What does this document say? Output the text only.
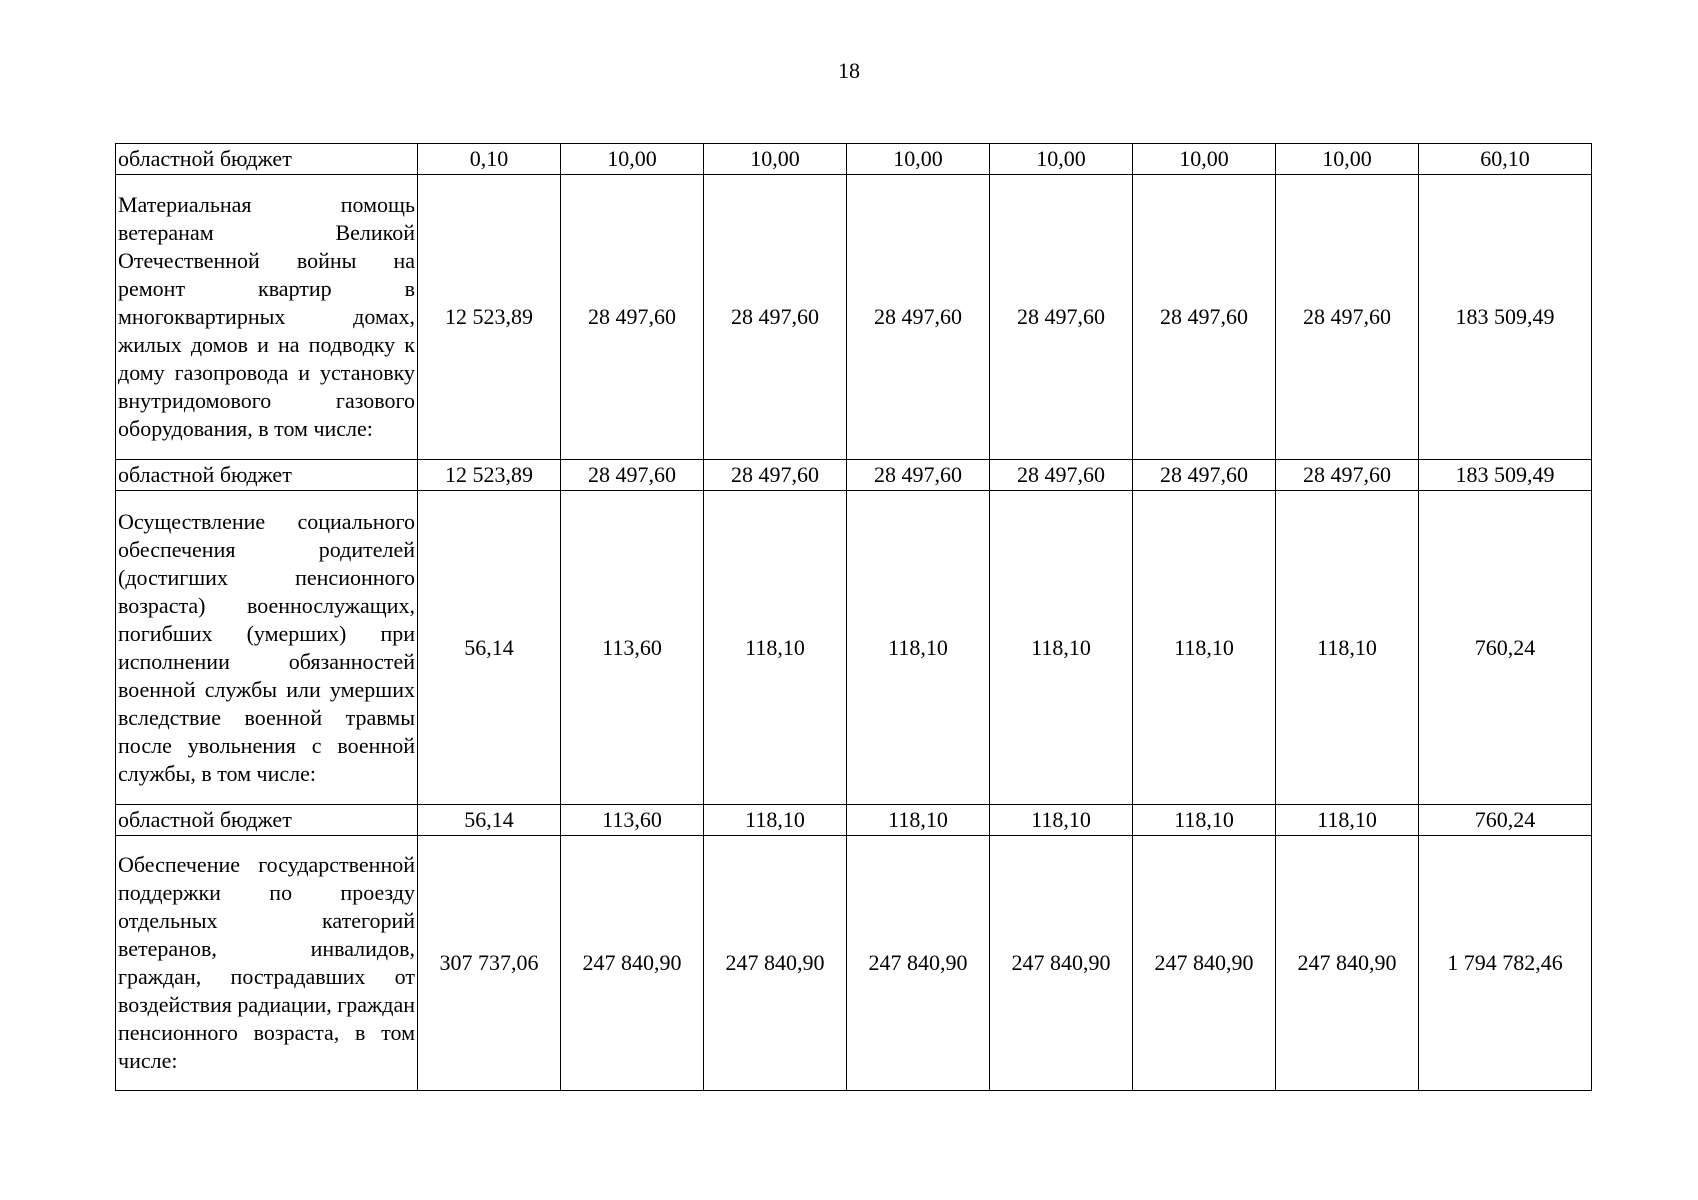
18
областной бюджет	0,10	10,00	10,00	10,00	10,00	10,00	10,00	60,10
Материальная помощь ветеранам Великой Отечественной войны на ремонт квартир в многоквартирных домах, жилых домов и на подводку к дому газопровода и установку внутридомового газового оборудования, в том числе:	12 523,89	28 497,60	28 497,60	28 497,60	28 497,60	28 497,60	28 497,60	183 509,49
областной бюджет	12 523,89	28 497,60	28 497,60	28 497,60	28 497,60	28 497,60	28 497,60	183 509,49
Осуществление социального обеспечения родителей (достигших пенсионного возраста) военнослужащих, погибших (умерших) при исполнении обязанностей военной службы или умерших вследствие военной травмы после увольнения с военной службы, в том числе:	56,14	113,60	118,10	118,10	118,10	118,10	118,10	760,24
областной бюджет	56,14	113,60	118,10	118,10	118,10	118,10	118,10	760,24
Обеспечение государственной поддержки по проезду отдельных категорий ветеранов, инвалидов, граждан, пострадавших от воздействия радиации, граждан пенсионного возраста, в том числе:	307 737,06	247 840,90	247 840,90	247 840,90	247 840,90	247 840,90	247 840,90	1 794 782,46
